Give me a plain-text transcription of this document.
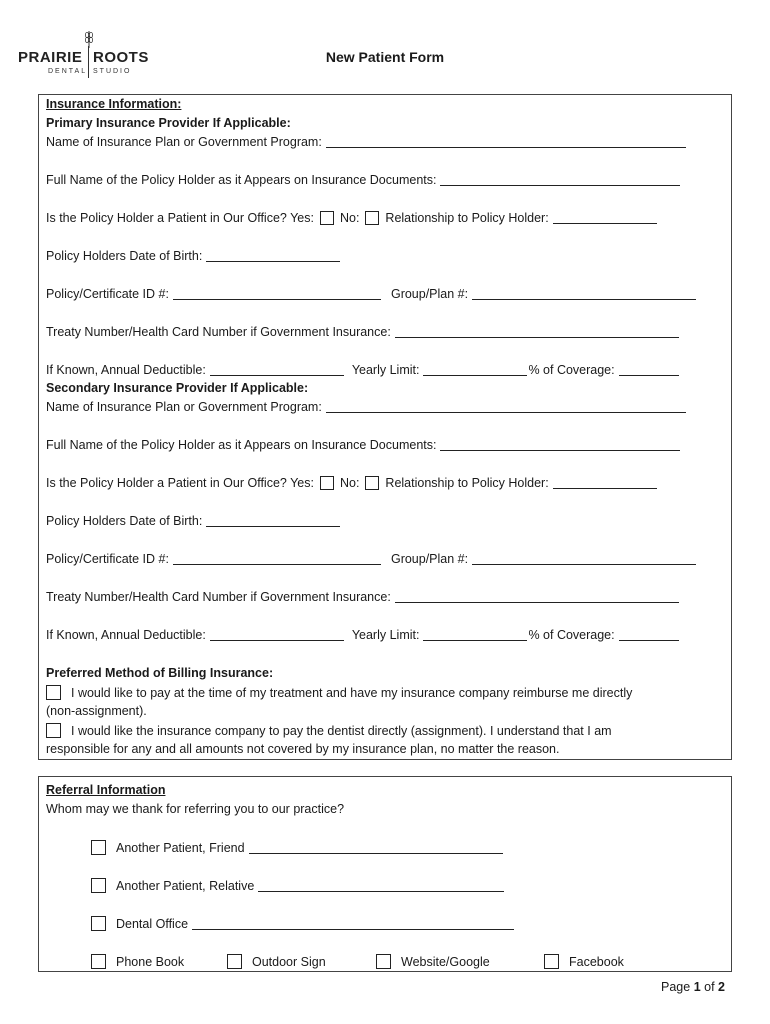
PRAIRIE ROOTS
DENTAL STUDIO
New Patient Form
Insurance Information:
Primary Insurance Provider If Applicable:
Name of Insurance Plan or Government Program:
Full Name of the Policy Holder as it Appears on Insurance Documents:
Is the Policy Holder a Patient in Our Office? Yes: No: Relationship to Policy Holder:
Policy Holders Date of Birth:
Policy/Certificate ID #:	Group/Plan #:
Treaty Number/Health Card Number if Government Insurance:
If Known, Annual Deductible:	Yearly Limit:	% of Coverage:
Secondary Insurance Provider If Applicable:
Name of Insurance Plan or Government Program:
Full Name of the Policy Holder as it Appears on Insurance Documents:
Is the Policy Holder a Patient in Our Office? Yes: No: Relationship to Policy Holder:
Policy Holders Date of Birth:
Policy/Certificate ID #:	Group/Plan #:
Treaty Number/Health Card Number if Government Insurance:
If Known, Annual Deductible:	Yearly Limit:	% of Coverage:
Preferred Method of Billing Insurance:
I would like to pay at the time of my treatment and have my insurance company reimburse me directly
(non-assignment).
I would like the insurance company to pay the dentist directly (assignment). I understand that I am
responsible for any and all amounts not covered by my insurance plan, no matter the reason.
Referral Information
Whom may we thank for referring you to our practice?
Another Patient, Friend
Another Patient, Relative
Dental Office
Phone Book	Outdoor Sign	Website/Google	Facebook
Page 1 of 2
